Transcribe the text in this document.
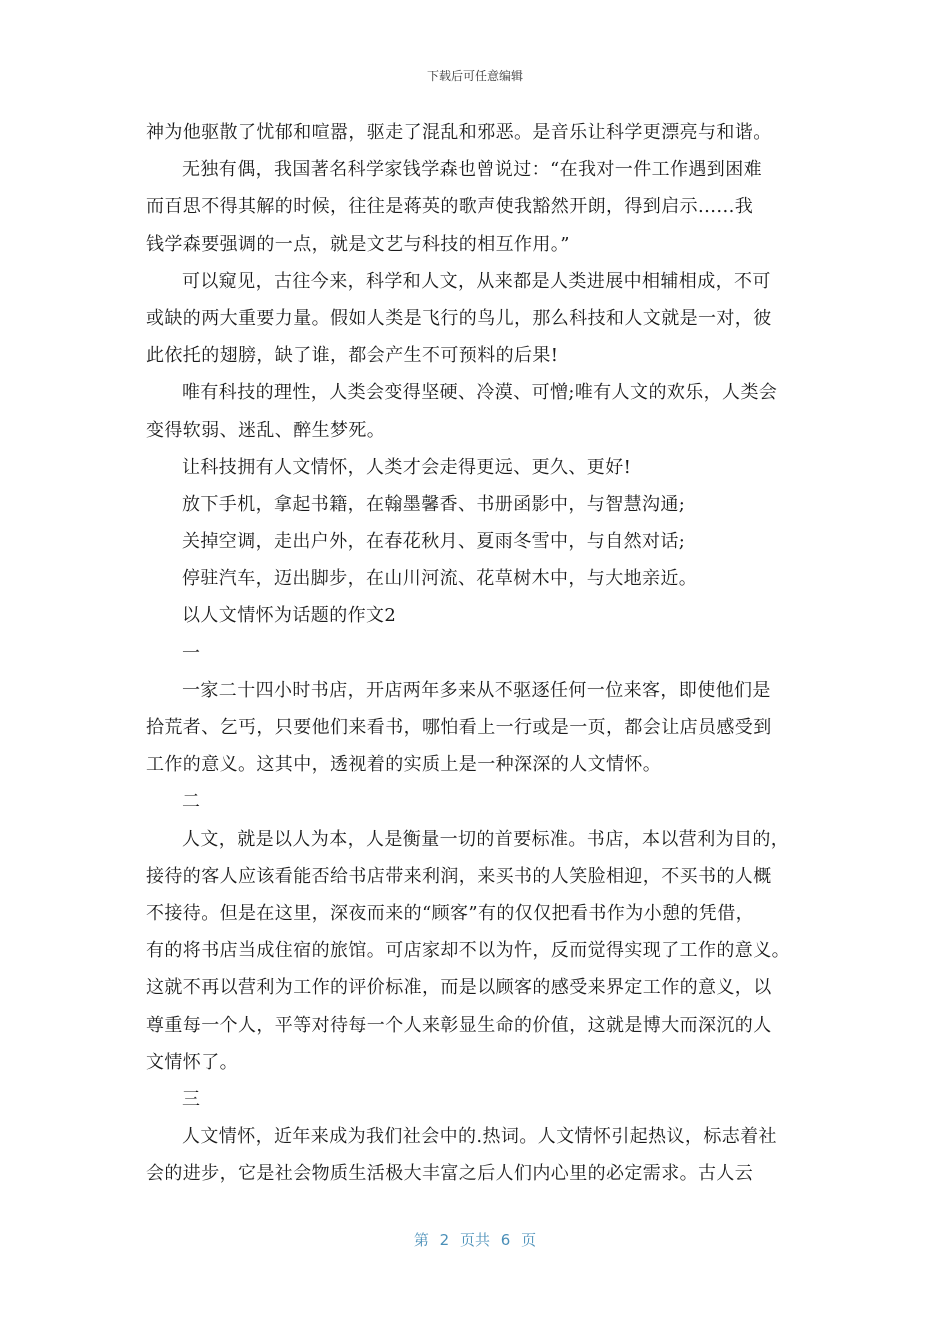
下载后可任意编辑
神为他驱散了忧郁和喧嚣，驱走了混乱和邪恶。是音乐让科学更漂亮与和谐。
无独有偶，我国著名科学家钱学森也曾说过：“在我对一件工作遇到困难
而百思不得其解的时候，往往是蒋英的歌声使我豁然开朗，得到启示......我
钱学森要强调的一点，就是文艺与科技的相互作用。”
可以窥见，古往今来，科学和人文，从来都是人类进展中相辅相成，不可
或缺的两大重要力量。假如人类是飞行的鸟儿，那么科技和人文就是一对，彼
此依托的翅膀，缺了谁，都会产生不可预料的后果!
唯有科技的理性，人类会变得坚硬、冷漠、可憎;唯有人文的欢乐，人类会
变得软弱、迷乱、醉生梦死。
让科技拥有人文情怀，人类才会走得更远、更久、更好!
放下手机，拿起书籍，在翰墨馨香、书册函影中，与智慧沟通;
关掉空调，走出户外，在春花秋月、夏雨冬雪中，与自然对话;
停驻汽车，迈出脚步，在山川河流、花草树木中，与大地亲近。
以人文情怀为话题的作文2
一
一家二十四小时书店，开店两年多来从不驱逐任何一位来客，即使他们是
拾荒者、乞丐，只要他们来看书，哪怕看上一行或是一页，都会让店员感受到
工作的意义。这其中，透视着的实质上是一种深深的人文情怀。
二
人文，就是以人为本，人是衡量一切的首要标准。书店，本以营利为目的，
接待的客人应该看能否给书店带来利润，来买书的人笑脸相迎，不买书的人概
不接待。但是在这里，深夜而来的“顾客”有的仅仅把看书作为小憩的凭借，
有的将书店当成住宿的旅馆。可店家却不以为忤，反而觉得实现了工作的意义。
这就不再以营利为工作的评价标准，而是以顾客的感受来界定工作的意义，以
尊重每一个人，平等对待每一个人来彰显生命的价值，这就是博大而深沉的人
文情怀了。
三
人文情怀，近年来成为我们社会中的.热词。人文情怀引起热议，标志着社
会的进步，它是社会物质生活极大丰富之后人们内心里的必定需求。古人云
第 2 页共 6 页
